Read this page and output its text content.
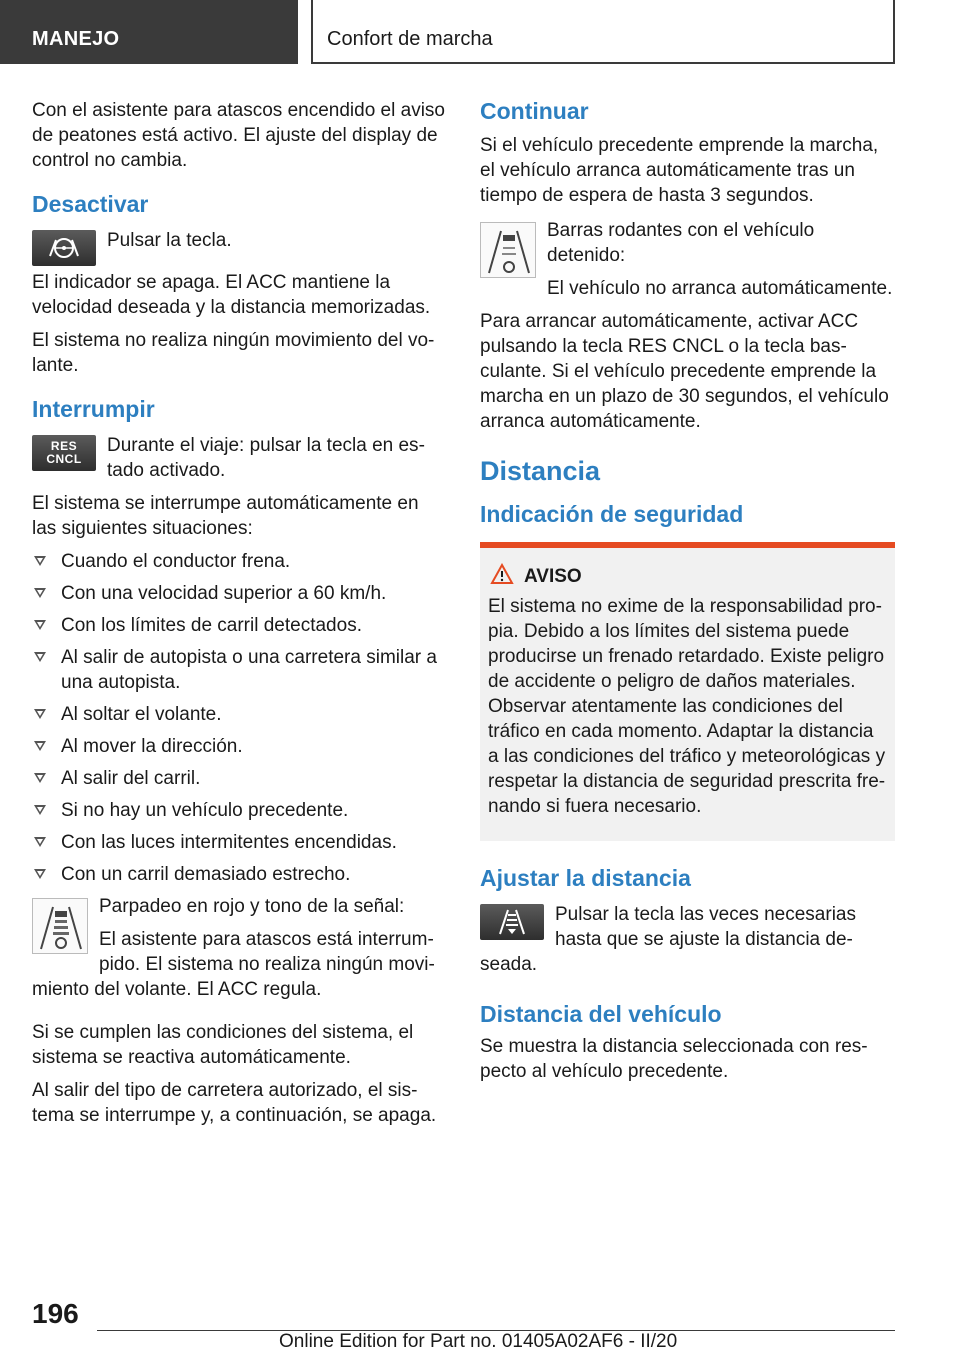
MANEJO	Confort de marcha

Con el asistente para atascos encendido el aviso de peatones está activo. El ajuste del display de control no cambia.

Desactivar

Pulsar la tecla.

El indicador se apaga. El ACC mantiene la velocidad deseada y la distancia memorizadas.

El sistema no realiza ningún movimiento del volante.

Interrumpir
RES
CNCL

Durante el viaje: pulsar la tecla en estado activado.

El sistema se interrumpe automáticamente en las siguientes situaciones:

Cuando el conductor frena.
Con una velocidad superior a 60 km/h.
Con los límites de carril detectados.
Al salir de autopista o una carretera similar a una autopista.
Al soltar el volante.
Al mover la dirección.
Al salir del carril.
Si no hay un vehículo precedente.
Con las luces intermitentes encendidas.
Con un carril demasiado estrecho.

Parpadeo en rojo y tono de la señal:

El asistente para atascos está interrumpido. El sistema no realiza ningún movimiento del volante. El ACC regula.

Si se cumplen las condiciones del sistema, el sistema se reactiva automáticamente.

Al salir del tipo de carretera autorizado, el sistema se interrumpe y, a continuación, se apaga.

Continuar

Si el vehículo precedente emprende la marcha, el vehículo arranca automáticamente tras un tiempo de espera de hasta 3 segundos.

Barras rodantes con el vehículo detenido:

El vehículo no arranca automáticamente.

Para arrancar automáticamente, activar ACC pulsando la tecla RES CNCL o la tecla basculante. Si el vehículo precedente emprende la marcha en un plazo de 30 segundos, el vehículo arranca automáticamente.

Distancia
Indicación de seguridad
AVISO

El sistema no exime de la responsabilidad propia. Debido a los límites del sistema puede producirse un frenado retardado. Existe peligro de accidente o peligro de daños materiales. Observar atentamente las condiciones del tráfico en cada momento. Adaptar la distancia a las condiciones del tráfico y meteorológicas y respetar la distancia de seguridad prescrita frenando si fuera necesario.

Ajustar la distancia

Pulsar la tecla las veces necesarias hasta que se ajuste la distancia deseada.

Distancia del vehículo

Se muestra la distancia seleccionada con respecto al vehículo precedente.

196
Online Edition for Part no. 01405A02AF6 - II/20
